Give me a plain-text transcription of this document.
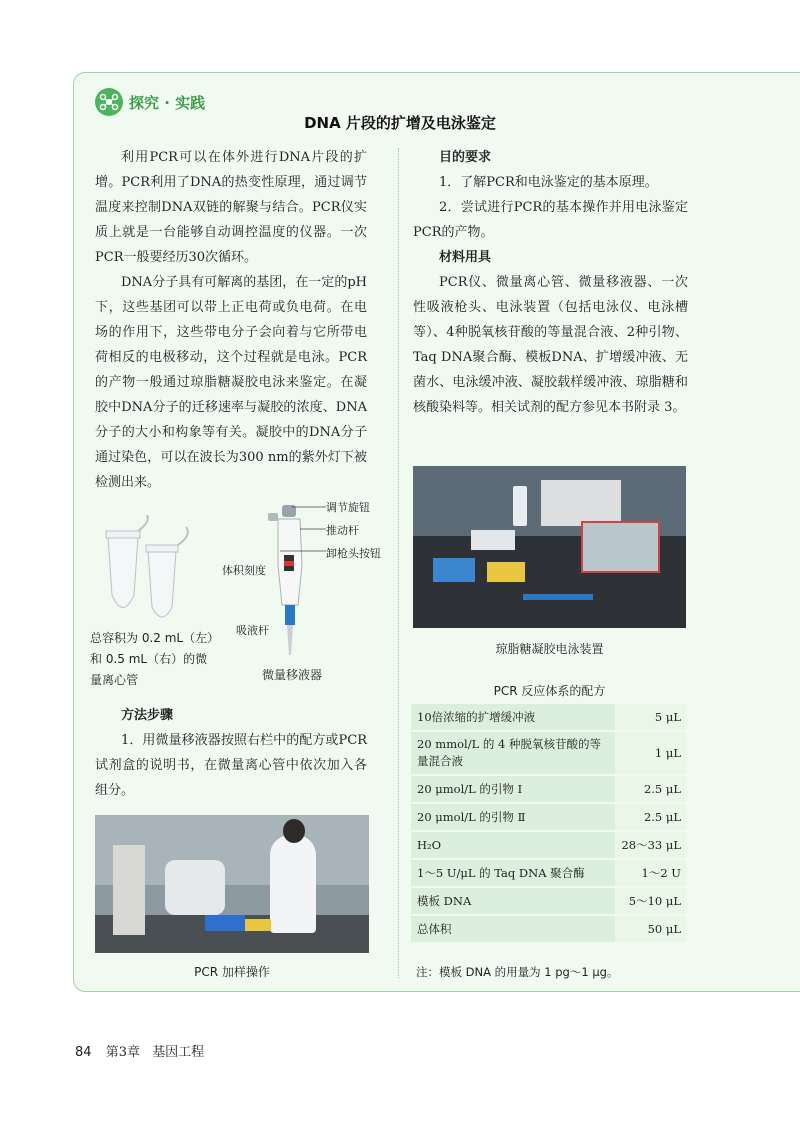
探究 · 实践
DNA 片段的扩增及电泳鉴定

利用PCR可以在体外进行DNA片段的扩增。PCR利用了DNA的热变性原理，通过调节温度来控制DNA双链的解聚与结合。PCR仪实质上就是一台能够自动调控温度的仪器。一次PCR一般要经历30次循环。

DNA分子具有可解离的基团，在一定的pH下，这些基团可以带上正电荷或负电荷。在电场的作用下，这些带电分子会向着与它所带电荷相反的电极移动，这个过程就是电泳。PCR的产物一般通过琼脂糖凝胶电泳来鉴定。在凝胶中DNA分子的迁移速率与凝胶的浓度、DNA分子的大小和构象等有关。凝胶中的DNA分子通过染色，可以在波长为300 nm的紫外灯下被检测出来。

总容积为 0.2 mL（左）
和 0.5 mL（右）的微
量离心管
调节旋钮
推动杆
卸枪头按钮
体积刻度
吸液杆
微量移液器
方法步骤

1．用微量移液器按照右栏中的配方或PCR试剂盒的说明书，在微量离心管中依次加入各组分。

PCR 加样操作
目的要求

1．了解PCR和电泳鉴定的基本原理。

2．尝试进行PCR的基本操作并用电泳鉴定PCR的产物。

材料用具

PCR仪、微量离心管、微量移液器、一次性吸液枪头、电泳装置（包括电泳仪、电泳槽等）、4种脱氧核苷酸的等量混合液、2种引物、Taq DNA聚合酶、模板DNA、扩增缓冲液、无菌水、电泳缓冲液、凝胶载样缓冲液、琼脂糖和核酸染料等。相关试剂的配方参见本书附录 3。

琼脂糖凝胶电泳装置
PCR 反应体系的配方
10倍浓缩的扩增缓冲液	5 μL
20 mmol/L 的 4 种脱氧核苷酸的等量混合液	1 μL
20 μmol/L 的引物 Ⅰ	2.5 μL
20 μmol/L 的引物 Ⅱ	2.5 μL
H₂O	28～33 μL
1～5 U/μL 的 Taq DNA 聚合酶	1～2 U
模板 DNA	5～10 μL
总体积	50 μL
注：模板 DNA 的用量为 1 pg～1 μg。
84 第3章 基因工程
